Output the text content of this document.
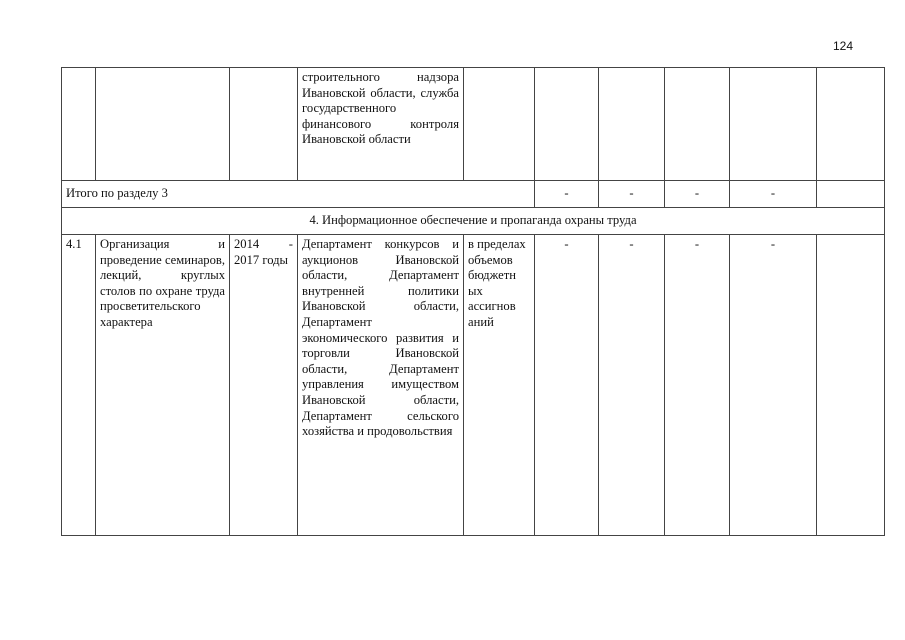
124

			строительного надзора Ивановской области, служба государственного финансового контроля Ивановской области						

Итого по разделу 3					-	-	-	-	
4. Информационное обеспечение и пропаганда охраны труда									
4.1	Организация и проведение семинаров, лекций, круглых столов по охране труда просветительского характера	2014 - 2017 годы	Департамент конкурсов и аукционов Ивановской области, Департамент внутренней политики Ивановской области, Департамент экономического развития и торговли Ивановской области, Департамент управления имуществом Ивановской области, Департамент сельского хозяйства и продовольствия	в пределах объемов бюджетн ых ассигнов аний	-	-	-	-	
